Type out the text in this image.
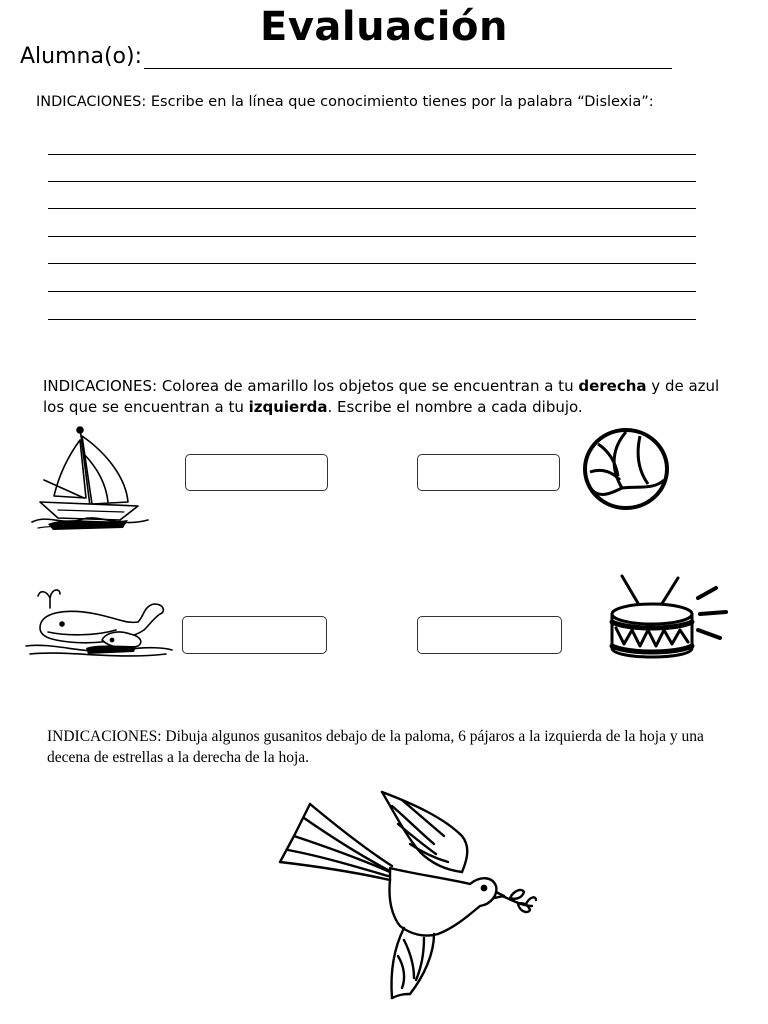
Evaluación
Alumna(o):
INDICACIONES: Escribe en la línea que conocimiento tienes por la palabra “Dislexia”:
INDICACIONES: Colorea de amarillo los objetos que se encuentran a tu derecha y de azul los que se encuentran a tu izquierda. Escribe el nombre a cada dibujo.
INDICACIONES: Dibuja algunos gusanitos debajo de la paloma, 6 pájaros a la izquierda de la hoja y una decena de estrellas a la derecha de la hoja.
